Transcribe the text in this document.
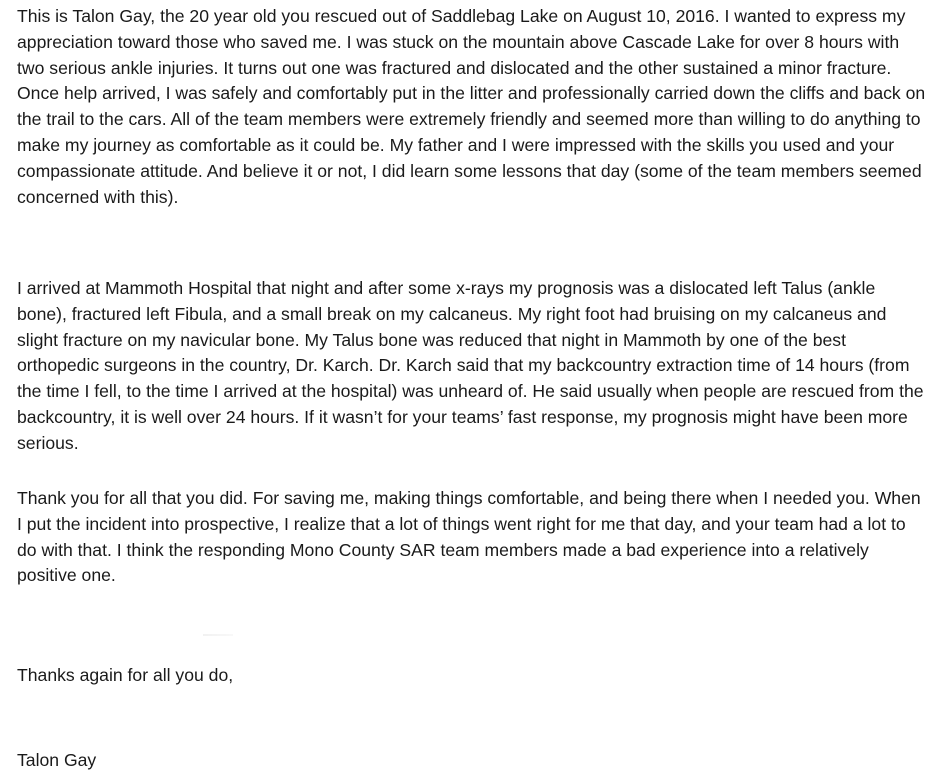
This is Talon Gay, the 20 year old you rescued out of Saddlebag Lake on August 10, 2016. I wanted to express my appreciation toward those who saved me. I was stuck on the mountain above Cascade Lake for over 8 hours with two serious ankle injuries. It turns out one was fractured and dislocated and the other sustained a minor fracture. Once help arrived, I was safely and comfortably put in the litter and professionally carried down the cliffs and back on the trail to the cars. All of the team members were extremely friendly and seemed more than willing to do anything to make my journey as comfortable as it could be. My father and I were impressed with the skills you used and your compassionate attitude. And believe it or not, I did learn some lessons that day (some of the team members seemed concerned with this).

I arrived at Mammoth Hospital that night and after some x-rays my prognosis was a dislocated left Talus (ankle bone), fractured left Fibula, and a small break on my calcaneus. My right foot had bruising on my calcaneus and slight fracture on my navicular bone. My Talus bone was reduced that night in Mammoth by one of the best orthopedic surgeons in the country, Dr. Karch. Dr. Karch said that my backcountry extraction time of 14 hours (from the time I fell, to the time I arrived at the hospital) was unheard of. He said usually when people are rescued from the backcountry, it is well over 24 hours. If it wasn’t for your teams’ fast response, my prognosis might have been more serious.

Thank you for all that you did. For saving me, making things comfortable, and being there when I needed you. When I put the incident into prospective, I realize that a lot of things went right for me that day, and your team had a lot to do with that. I think the responding Mono County SAR team members made a bad experience into a relatively positive one.

Thanks again for all you do,

Talon Gay
